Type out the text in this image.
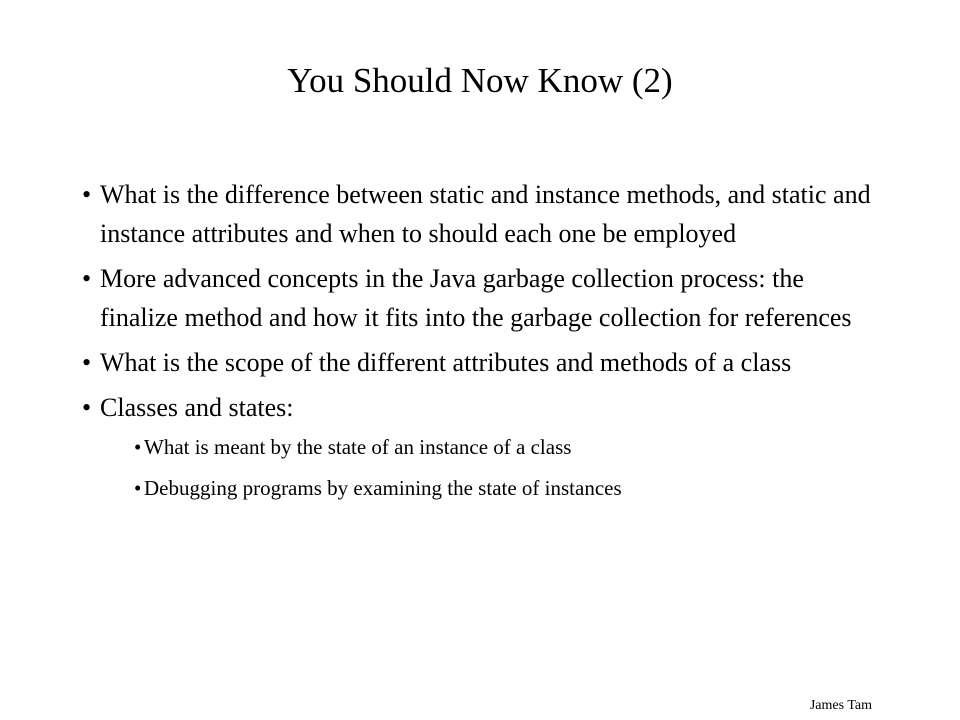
You Should Now Know (2)
• What is the difference between static and instance methods, and static and instance attributes and when to should each one be employed
• More advanced concepts in the Java garbage collection process: the finalize method and how it fits into the garbage collection for references
• What is the scope of the different attributes and methods of a class
• Classes and states:
• What is meant by the state of an instance of a class
• Debugging programs by examining the state of instances
James Tam
